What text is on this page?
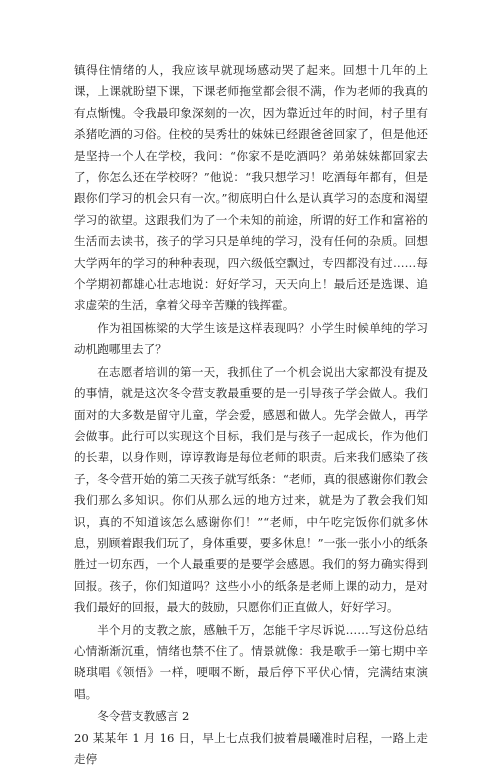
镇得住情绪的人，我应该早就现场感动哭了起来。回想十几年的上课，上课就盼望下课，下课老师拖堂都会很不满，作为老师的我真的有点惭愧。令我最印象深刻的一次，因为靠近过年的时间，村子里有杀猪吃酒的习俗。住校的吴秀壮的妹妹已经跟爸爸回家了，但是他还是坚持一个人在学校，我问：“你家不是吃酒吗？弟弟妹妹都回家去了，你怎么还在学校呀？”他说：“我只想学习！吃酒每年都有，但是跟你们学习的机会只有一次。”彻底明白什么是认真学习的态度和渴望学习的欲望。这跟我们为了一个未知的前途，所谓的好工作和富裕的生活而去读书，孩子的学习只是单纯的学习，没有任何的杂质。回想大学两年的学习的种种表现，四六级低空飘过，专四都没有过……每个学期初都雄心壮志地说：好好学习，天天向上！最后还是选课、追求虚荣的生活，拿着父母辛苦赚的钱挥霍。

作为祖国栋梁的大学生该是这样表现吗？小学生时候单纯的学习动机跑哪里去了？

在志愿者培训的第一天，我抓住了一个机会说出大家都没有提及的事情，就是这次冬令营支教最重要的是一引导孩子学会做人。我们面对的大多数是留守儿童，学会爱，感恩和做人。先学会做人，再学会做事。此行可以实现这个目标，我们是与孩子一起成长，作为他们的长辈，以身作则，谆谆教诲是每位老师的职责。后来我们感染了孩子，冬令营开始的第二天孩子就写纸条：“老师，真的很感谢你们教会我们那么多知识。你们从那么远的地方过来，就是为了教会我们知识，真的不知道该怎么感谢你们！”“老师，中午吃完饭你们就多休息，别顾着跟我们玩了，身体重要，要多休息！”一张一张小小的纸条胜过一切东西，一个人最重要的是要学会感恩。我们的努力确实得到回报。孩子，你们知道吗？这些小小的纸条是老师上课的动力，是对我们最好的回报，最大的鼓励，只愿你们正直做人，好好学习。

半个月的支教之旅，感触千万，怎能千字尽诉说……写这份总结心情渐渐沉重，情绪也禁不住了。情景就像：我是歌手一第七期中辛晓琪唱《领悟》一样，哽咽不断，最后停下平伏心情，完满结束演唱。

冬令营支教感言 2

20 某某年 1 月 16 日，早上七点我们披着晨曦准时启程，一路上走走停
